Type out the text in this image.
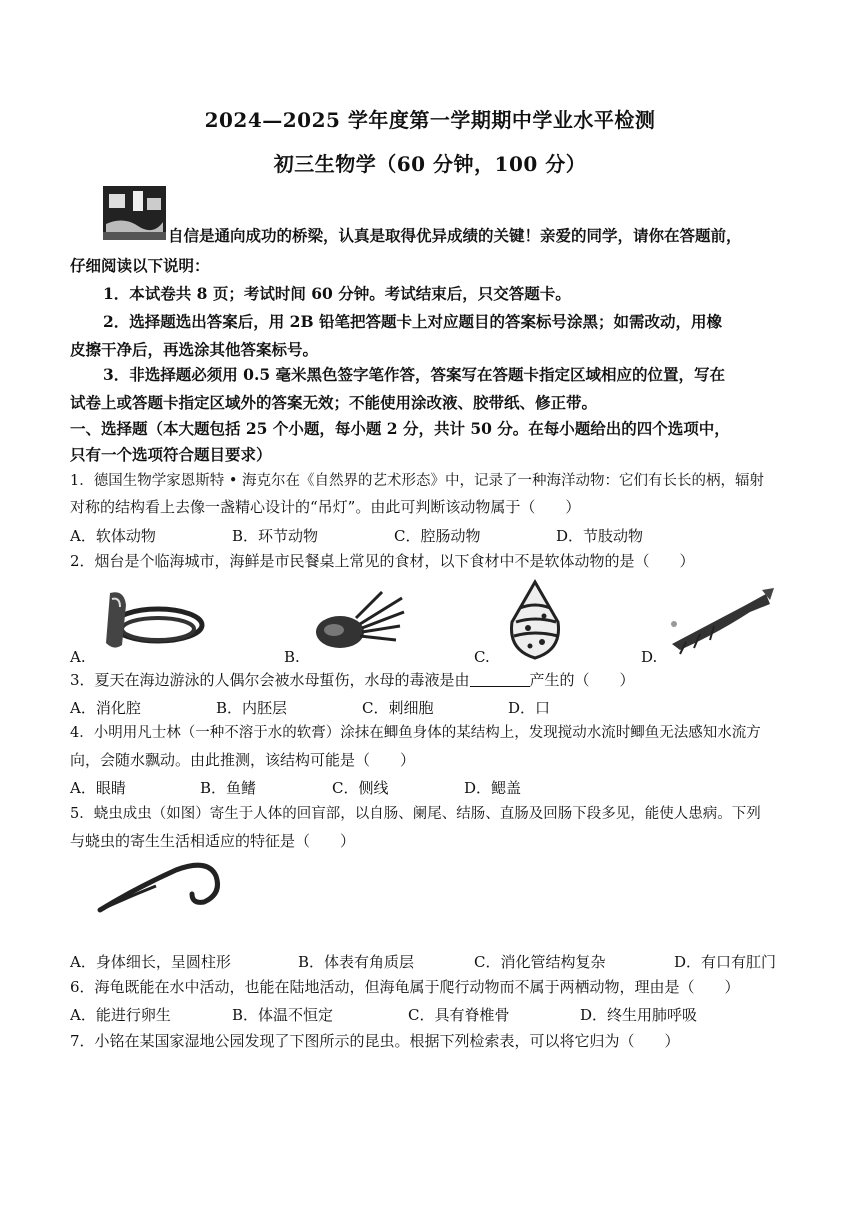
2024—2025 学年度第一学期期中学业水平检测
初三生物学（60 分钟，100 分）
自信是通向成功的桥梁，认真是取得优异成绩的关键！亲爱的同学，请你在答题前，
仔细阅读以下说明：
1．本试卷共 8 页；考试时间 60 分钟。考试结束后，只交答题卡。
2．选择题选出答案后，用 2B 铅笔把答题卡上对应题目的答案标号涂黑；如需改动，用橡
皮擦干净后，再选涂其他答案标号。
3．非选择题必须用 0.5 毫米黑色签字笔作答，答案写在答题卡指定区域相应的位置，写在
试卷上或答题卡指定区域外的答案无效；不能使用涂改液、胶带纸、修正带。
一、选择题（本大题包括 25 个小题，每小题 2 分，共计 50 分。在每小题给出的四个选项中，
只有一个选项符合题目要求）
1．德国生物学家恩斯特 • 海克尔在《自然界的艺术形态》中，记录了一种海洋动物：它们有长长的柄，辐射
对称的结构看上去像一盏精心设计的“吊灯”。由此可判断该动物属于（　　）
A．软体动物	B．环节动物	C．腔肠动物	D．节肢动物
2．烟台是个临海城市，海鲜是市民餐桌上常见的食材，以下食材中不是软体动物的是（　　）
A.	B.	C.	D.
3．夏天在海边游泳的人偶尔会被水母蜇伤，水母的毒液是由	产生的（　　）
A．消化腔	B．内胚层	C．刺细胞	D．口
4．小明用凡士林（一种不溶于水的软膏）涂抹在鲫鱼身体的某结构上，发现搅动水流时鲫鱼无法感知水流方
向，会随水飘动。由此推测，该结构可能是（　　）
A．眼睛	B．鱼鳍	C．侧线	D．鳃盖
5．蛲虫成虫（如图）寄生于人体的回盲部，以自肠、阑尾、结肠、直肠及回肠下段多见，能使人患病。下列
与蛲虫的寄生生活相适应的特征是（　　）
A．身体细长，呈圆柱形	B．体表有角质层	C．消化管结构复杂	D．有口有肛门
6．海龟既能在水中活动，也能在陆地活动，但海龟属于爬行动物而不属于两栖动物，理由是（　　）
A．能进行卵生	B．体温不恒定	C．具有脊椎骨	D．终生用肺呼吸
7．小铭在某国家湿地公园发现了下图所示的昆虫。根据下列检索表，可以将它归为（　　）
